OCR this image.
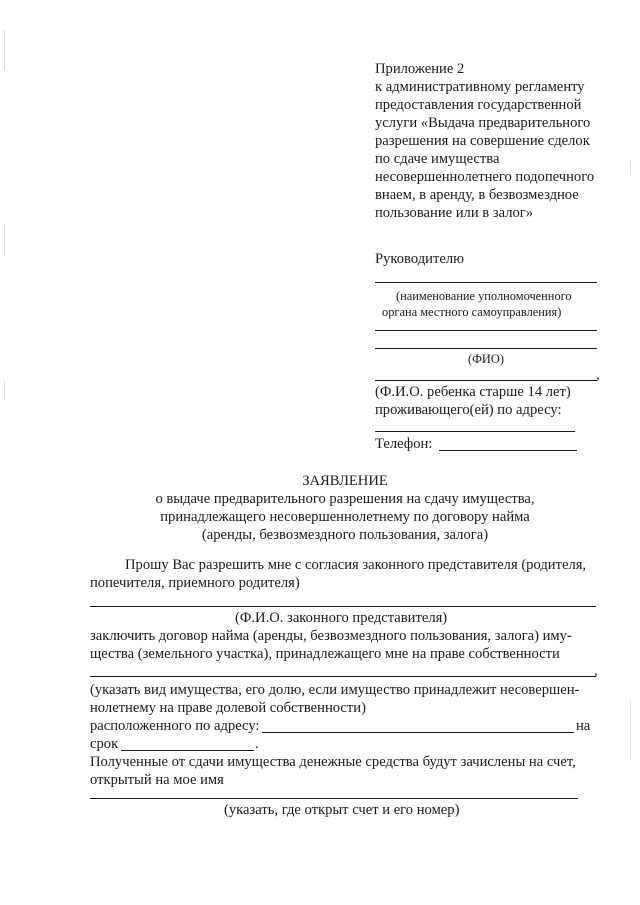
Приложение 2
к административному регламенту
предоставления государственной
услуги «Выдача предварительного
разрешения на совершение сделок
по сдаче имущества
несовершеннолетнего подопечного
внаем, в аренду, в безвозмездное
пользование или в залог»
Руководителю
(наименование уполномоченного
органа местного самоуправления)
(ФИО)
,
(Ф.И.О. ребенка старше 14 лет)
проживающего(ей) по адресу:
Телефон:
ЗАЯВЛЕНИЕ
о выдаче предварительного разрешения на сдачу имущества,
принадлежащего несовершеннолетнему по договору найма
(аренды, безвозмездного пользования, залога)
Прошу Вас разрешить мне с согласия законного представителя (родителя,
попечителя, приемного родителя)
(Ф.И.О. законного представителя)
заключить договор найма (аренды, безвозмездного пользования, залога) иму-
щества (земельного участка), принадлежащего мне на праве собственности
,
(указать вид имущества, его долю, если имущество принадлежит несовершен-
нолетнему на праве долевой собственности)
расположенного по адресу:	на
срок	.
Полученные от сдачи имущества денежные средства будут зачислены на счет,
открытый на мое имя
(указать, где открыт счет и его номер)
